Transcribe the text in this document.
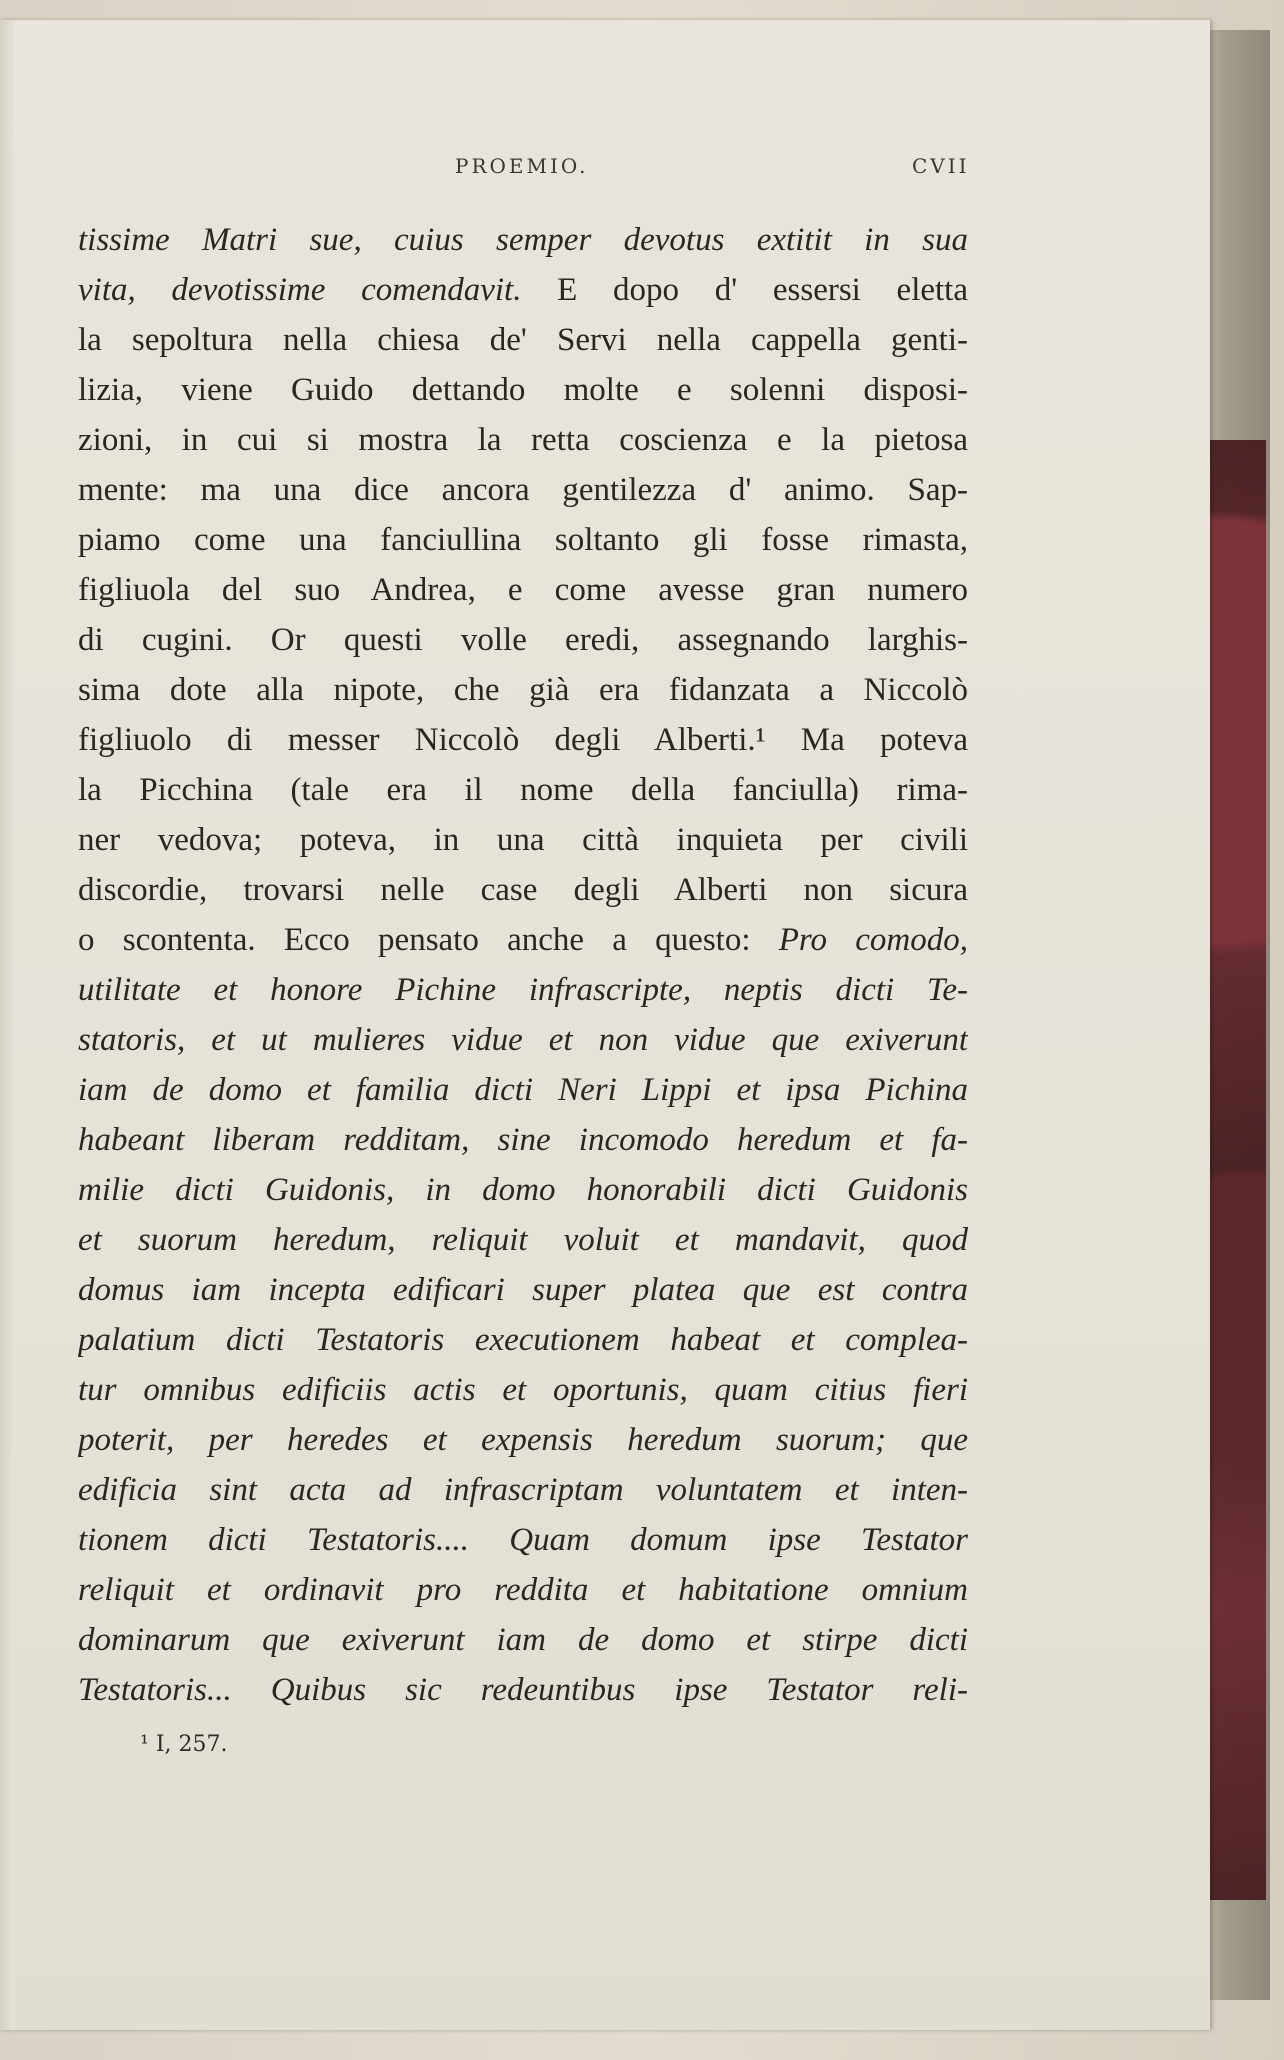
PROEMIO.	CVII
tissime Matri sue, cuius semper devotus extitit in sua
vita, devotissime comendavit. E dopo d' essersi eletta
la sepoltura nella chiesa de' Servi nella cappella genti-
lizia, viene Guido dettando molte e solenni disposi-
zioni, in cui si mostra la retta coscienza e la pietosa
mente: ma una dice ancora gentilezza d' animo. Sap-
piamo come una fanciullina soltanto gli fosse rimasta,
figliuola del suo Andrea, e come avesse gran numero
di cugini. Or questi volle eredi, assegnando larghis-
sima dote alla nipote, che già era fidanzata a Niccolò
figliuolo di messer Niccolò degli Alberti.¹ Ma poteva
la Picchina (tale era il nome della fanciulla) rima-
ner vedova; poteva, in una città inquieta per civili
discordie, trovarsi nelle case degli Alberti non sicura
o scontenta. Ecco pensato anche a questo: Pro comodo,
utilitate et honore Pichine infrascripte, neptis dicti Te-
statoris, et ut mulieres vidue et non vidue que exiverunt
iam de domo et familia dicti Neri Lippi et ipsa Pichina
habeant liberam redditam, sine incomodo heredum et fa-
milie dicti Guidonis, in domo honorabili dicti Guidonis
et suorum heredum, reliquit voluit et mandavit, quod
domus iam incepta edificari super platea que est contra
palatium dicti Testatoris executionem habeat et complea-
tur omnibus edificiis actis et oportunis, quam citius fieri
poterit, per heredes et expensis heredum suorum; que
edificia sint acta ad infrascriptam voluntatem et inten-
tionem dicti Testatoris.... Quam domum ipse Testator
reliquit et ordinavit pro reddita et habitatione omnium
dominarum que exiverunt iam de domo et stirpe dicti
Testatoris... Quibus sic redeuntibus ipse Testator reli-
¹ I, 257.
